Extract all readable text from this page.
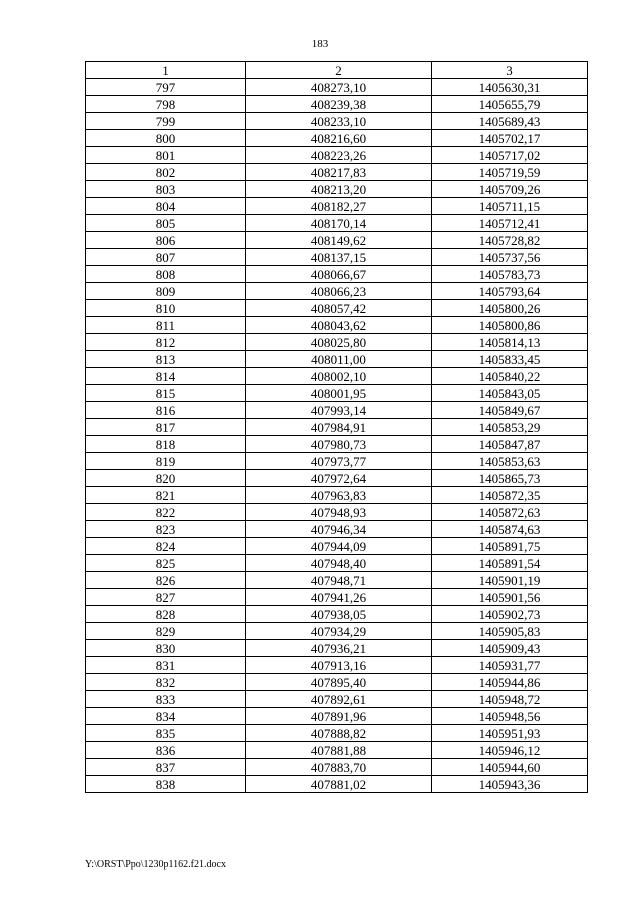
183
1	2	3
797	408273,10	1405630,31
798	408239,38	1405655,79
799	408233,10	1405689,43
800	408216,60	1405702,17
801	408223,26	1405717,02
802	408217,83	1405719,59
803	408213,20	1405709,26
804	408182,27	1405711,15
805	408170,14	1405712,41
806	408149,62	1405728,82
807	408137,15	1405737,56
808	408066,67	1405783,73
809	408066,23	1405793,64
810	408057,42	1405800,26
811	408043,62	1405800,86
812	408025,80	1405814,13
813	408011,00	1405833,45
814	408002,10	1405840,22
815	408001,95	1405843,05
816	407993,14	1405849,67
817	407984,91	1405853,29
818	407980,73	1405847,87
819	407973,77	1405853,63
820	407972,64	1405865,73
821	407963,83	1405872,35
822	407948,93	1405872,63
823	407946,34	1405874,63
824	407944,09	1405891,75
825	407948,40	1405891,54
826	407948,71	1405901,19
827	407941,26	1405901,56
828	407938,05	1405902,73
829	407934,29	1405905,83
830	407936,21	1405909,43
831	407913,16	1405931,77
832	407895,40	1405944,86
833	407892,61	1405948,72
834	407891,96	1405948,56
835	407888,82	1405951,93
836	407881,88	1405946,12
837	407883,70	1405944,60
838	407881,02	1405943,36
Y:\ORST\Ppo\1230p1162.f21.docx
